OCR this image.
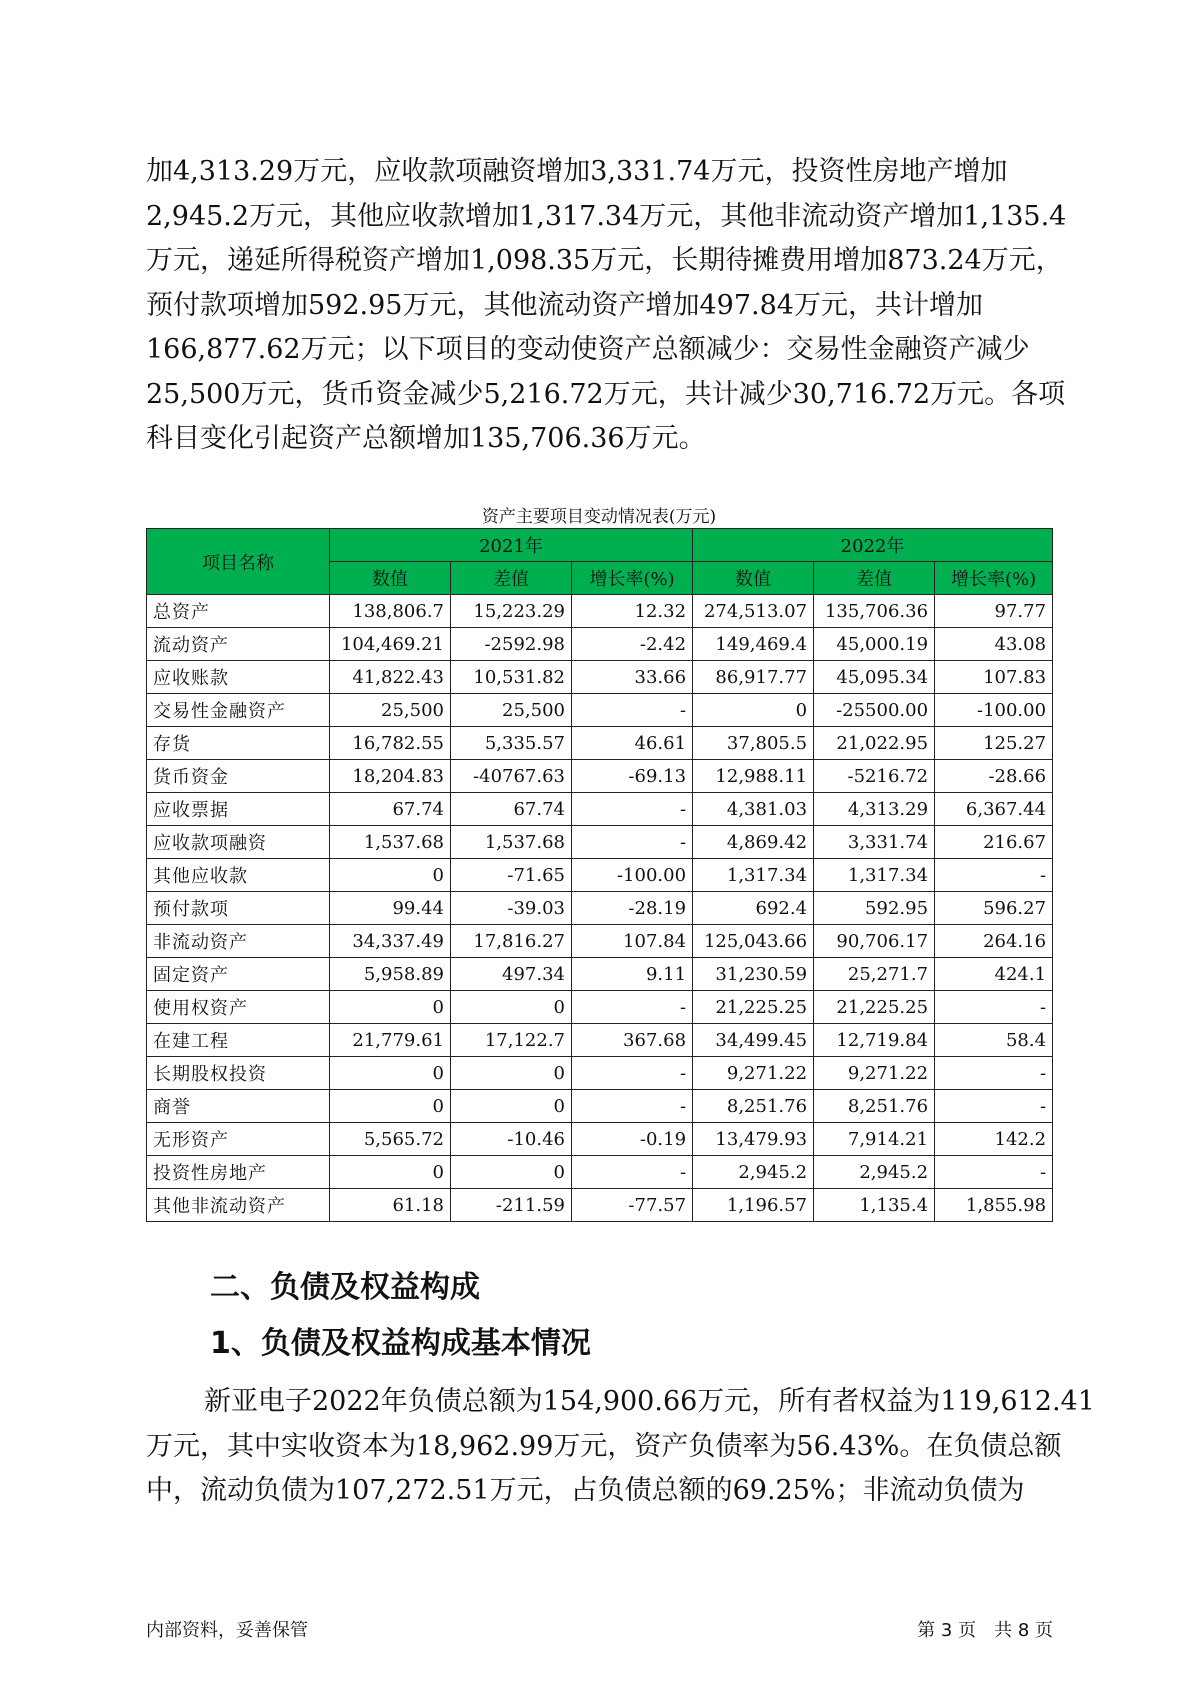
加4,313.29万元，应收款项融资增加3,331.74万元，投资性房地产增加
2,945.2万元，其他应收款增加1,317.34万元，其他非流动资产增加1,135.4
万元，递延所得税资产增加1,098.35万元，长期待摊费用增加873.24万元，
预付款项增加592.95万元，其他流动资产增加497.84万元，共计增加
166,877.62万元；以下项目的变动使资产总额减少：交易性金融资产减少
25,500万元，货币资金减少5,216.72万元，共计减少30,716.72万元。各项
科目变化引起资产总额增加135,706.36万元。
资产主要项目变动情况表(万元)
项目名称	2021年			2022年		
	数值	差值	增长率(%)	数值	差值	增长率(%)
总资产	138,806.7	15,223.29	12.32	274,513.07	135,706.36	97.77
流动资产	104,469.21	-2592.98	-2.42	149,469.4	45,000.19	43.08
应收账款	41,822.43	10,531.82	33.66	86,917.77	45,095.34	107.83
交易性金融资产	25,500	25,500	-	0	-25500.00	-100.00
存货	16,782.55	5,335.57	46.61	37,805.5	21,022.95	125.27
货币资金	18,204.83	-40767.63	-69.13	12,988.11	-5216.72	-28.66
应收票据	67.74	67.74	-	4,381.03	4,313.29	6,367.44
应收款项融资	1,537.68	1,537.68	-	4,869.42	3,331.74	216.67
其他应收款	0	-71.65	-100.00	1,317.34	1,317.34	-
预付款项	99.44	-39.03	-28.19	692.4	592.95	596.27
非流动资产	34,337.49	17,816.27	107.84	125,043.66	90,706.17	264.16
固定资产	5,958.89	497.34	9.11	31,230.59	25,271.7	424.1
使用权资产	0	0	-	21,225.25	21,225.25	-
在建工程	21,779.61	17,122.7	367.68	34,499.45	12,719.84	58.4
长期股权投资	0	0	-	9,271.22	9,271.22	-
商誉	0	0	-	8,251.76	8,251.76	-
无形资产	5,565.72	-10.46	-0.19	13,479.93	7,914.21	142.2
投资性房地产	0	0	-	2,945.2	2,945.2	-
其他非流动资产	61.18	-211.59	-77.57	1,196.57	1,135.4	1,855.98
二、负债及权益构成
1、负债及权益构成基本情况
新亚电子2022年负债总额为154,900.66万元，所有者权益为119,612.41
万元，其中实收资本为18,962.99万元，资产负债率为56.43%。在负债总额
中，流动负债为107,272.51万元，占负债总额的69.25%；非流动负债为
内部资料，妥善保管	第 3 页　共 8 页
